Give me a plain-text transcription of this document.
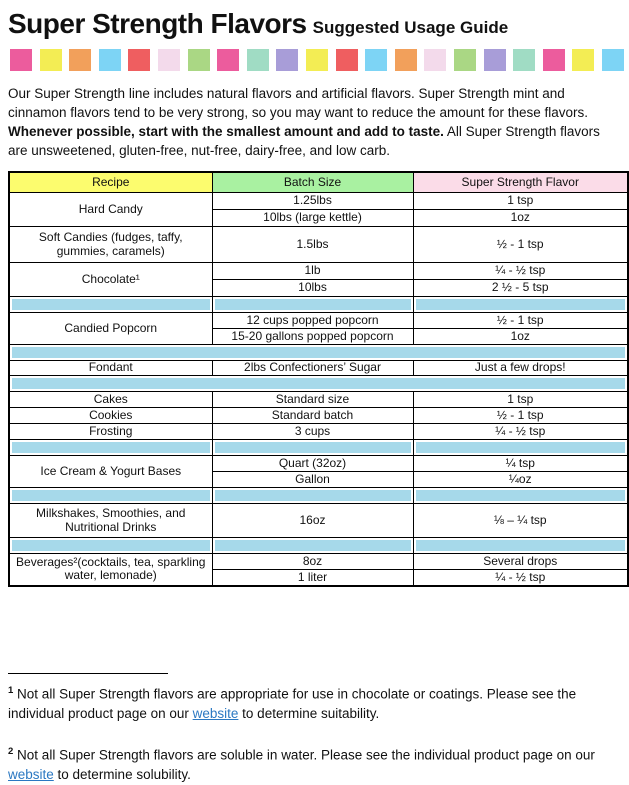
Super Strength Flavors Suggested Usage Guide
Our Super Strength line includes natural flavors and artificial flavors. Super Strength mint and cinnamon flavors tend to be very strong, so you may want to reduce the amount for these flavors. Whenever possible, start with the smallest amount and add to taste. All Super Strength flavors are unsweetened, gluten-free, nut-free, dairy-free, and low carb.
Recipe	Batch Size	Super Strength Flavor
Hard Candy	1.25lbs	1 tsp
	10lbs (large kettle)	1oz
Soft Candies (fudges, taffy, gummies, caramels)	1.5lbs	½ - 1 tsp
Chocolate¹	1lb	¼ - ½ tsp
	10lbs	2 ½ - 5 tsp

Candied Popcorn	12 cups popped popcorn	½ - 1 tsp
	15-20 gallons popped popcorn	1oz

Fondant	2lbs Confectioners’ Sugar	Just a few drops!

Cakes	Standard size	1 tsp
Cookies	Standard batch	½ - 1 tsp
Frosting	3 cups	¼ - ½ tsp

Ice Cream & Yogurt Bases	Quart (32oz)	¼ tsp
	Gallon	¼oz

Milkshakes, Smoothies, and Nutritional Drinks	16oz	⅛ – ¼ tsp

Beverages²(cocktails, tea, sparkling water, lemonade)	8oz	Several drops
	1 liter	¼ - ½ tsp
$^1$ Not all Super Strength flavors are appropriate for use in chocolate or coatings. Please see the individual product page on our website to determine suitability.
$^2$ Not all Super Strength flavors are soluble in water. Please see the individual product page on our website to determine solubility.
